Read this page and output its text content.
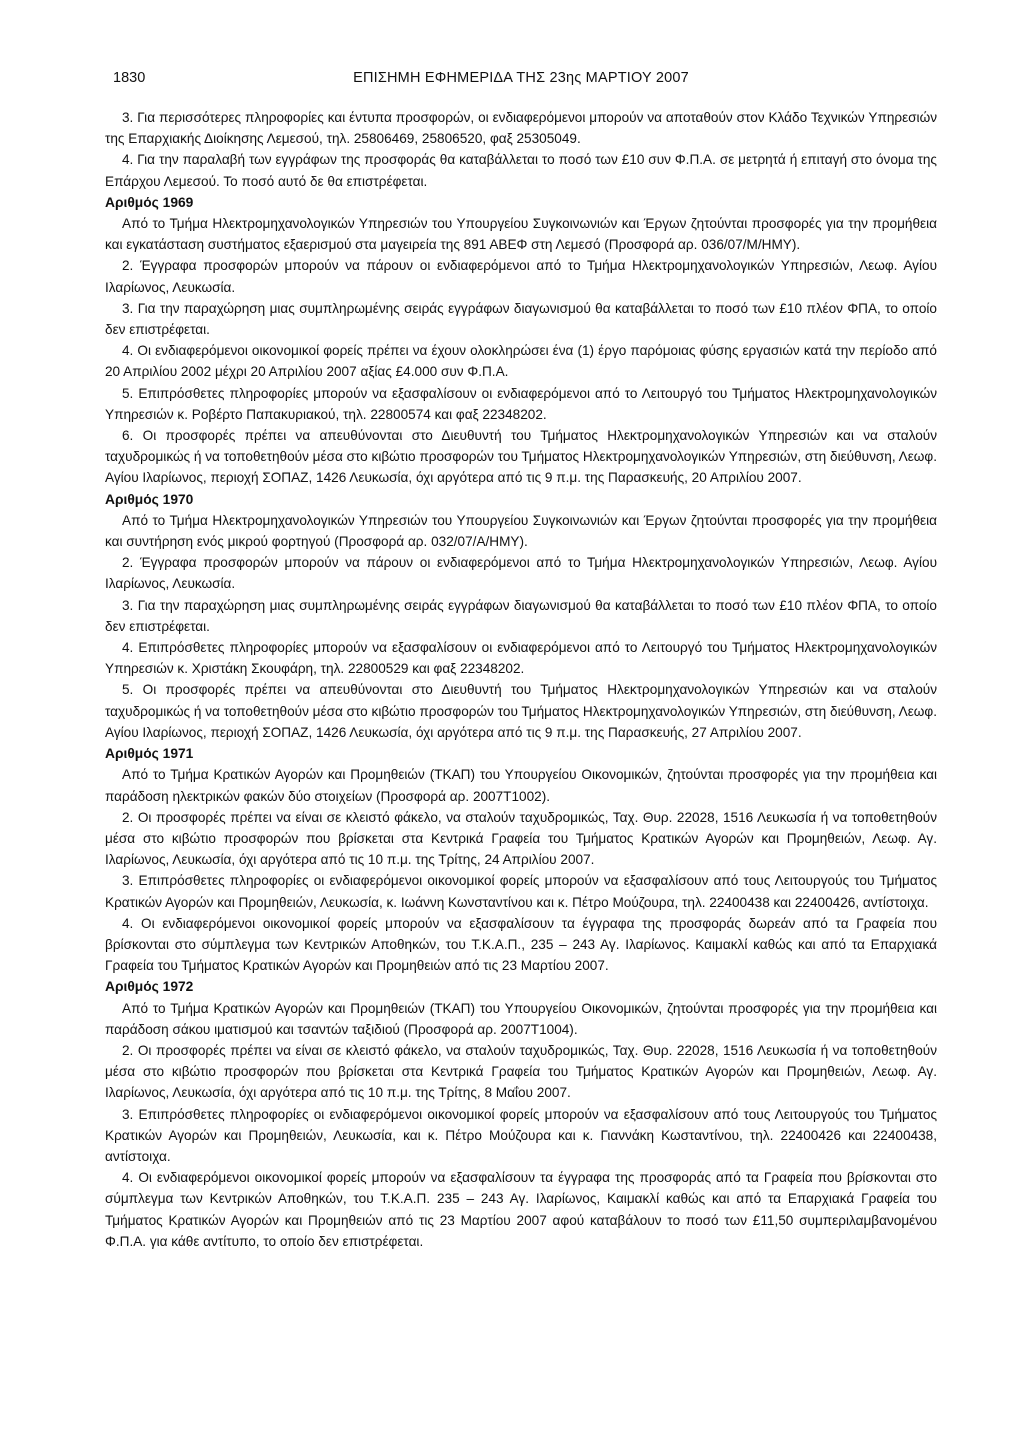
1830	ΕΠΙΣΗΜΗ ΕΦΗΜΕΡΙΔΑ ΤΗΣ 23ης ΜΑΡΤΙΟΥ 2007

3. Για περισσότερες πληροφορίες και έντυπα προσφορών, οι ενδιαφερόμενοι μπορούν να αποταθούν στον Κλάδο Τεχνικών Υπηρεσιών της Επαρχιακής Διοίκησης Λεμεσού, τηλ. 25806469, 25806520, φαξ 25305049.

4. Για την παραλαβή των εγγράφων της προσφοράς θα καταβάλλεται το ποσό των £10 συν Φ.Π.Α. σε μετρητά ή επιταγή στο όνομα της Επάρχου Λεμεσού. Το ποσό αυτό δε θα επιστρέφεται.

Αριθμός 1969

Από το Τμήμα Ηλεκτρομηχανολογικών Υπηρεσιών του Υπουργείου Συγκοινωνιών και Έργων ζητούνται προσφορές για την προμήθεια και εγκατάσταση συστήματος εξαερισμού στα μαγειρεία της 891 ΑΒΕΦ στη Λεμεσό (Προσφορά αρ. 036/07/Μ/ΗΜΥ).

2. Έγγραφα προσφορών μπορούν να πάρουν οι ενδιαφερόμενοι από το Τμήμα Ηλεκτρομηχανολογικών Υπηρεσιών, Λεωφ. Αγίου Ιλαρίωνος, Λευκωσία.

3. Για την παραχώρηση μιας συμπληρωμένης σειράς εγγράφων διαγωνισμού θα καταβάλλεται το ποσό των £10 πλέον ΦΠΑ, το οποίο δεν επιστρέφεται.

4. Οι ενδιαφερόμενοι οικονομικοί φορείς πρέπει να έχουν ολοκληρώσει ένα (1) έργο παρόμοιας φύσης εργασιών κατά την περίοδο από 20 Απριλίου 2002 μέχρι 20 Απριλίου 2007 αξίας £4.000 συν Φ.Π.Α.

5. Επιπρόσθετες πληροφορίες μπορούν να εξασφαλίσουν οι ενδιαφερόμενοι από το Λειτουργό του Τμήματος Ηλεκτρομηχανολογικών Υπηρεσιών κ. Ροβέρτο Παπακυριακού, τηλ. 22800574 και φαξ 22348202.

6. Οι προσφορές πρέπει να απευθύνονται στο Διευθυντή του Τμήματος Ηλεκτρομηχανολογικών Υπηρεσιών και να σταλούν ταχυδρομικώς ή να τοποθετηθούν μέσα στο κιβώτιο προσφορών του Τμήματος Ηλεκτρομηχανολογικών Υπηρεσιών, στη διεύθυνση, Λεωφ. Αγίου Ιλαρίωνος, περιοχή ΣΟΠΑΖ, 1426 Λευκωσία, όχι αργότερα από τις 9 π.μ. της Παρασκευής, 20 Απριλίου 2007.

Αριθμός 1970

Από το Τμήμα Ηλεκτρομηχανολογικών Υπηρεσιών του Υπουργείου Συγκοινωνιών και Έργων ζητούνται προσφορές για την προμήθεια και συντήρηση ενός μικρού φορτηγού (Προσφορά αρ. 032/07/Α/ΗΜΥ).

2. Έγγραφα προσφορών μπορούν να πάρουν οι ενδιαφερόμενοι από το Τμήμα Ηλεκτρομηχανολογικών Υπηρεσιών, Λεωφ. Αγίου Ιλαρίωνος, Λευκωσία.

3. Για την παραχώρηση μιας συμπληρωμένης σειράς εγγράφων διαγωνισμού θα καταβάλλεται το ποσό των £10 πλέον ΦΠΑ, το οποίο δεν επιστρέφεται.

4. Επιπρόσθετες πληροφορίες μπορούν να εξασφαλίσουν οι ενδιαφερόμενοι από το Λειτουργό του Τμήματος Ηλεκτρομηχανολογικών Υπηρεσιών κ. Χριστάκη Σκουφάρη, τηλ. 22800529 και φαξ 22348202.

5. Οι προσφορές πρέπει να απευθύνονται στο Διευθυντή του Τμήματος Ηλεκτρομηχανολογικών Υπηρεσιών και να σταλούν ταχυδρομικώς ή να τοποθετηθούν μέσα στο κιβώτιο προσφορών του Τμήματος Ηλεκτρομηχανολογικών Υπηρεσιών, στη διεύθυνση, Λεωφ. Αγίου Ιλαρίωνος, περιοχή ΣΟΠΑΖ, 1426 Λευκωσία, όχι αργότερα από τις 9 π.μ. της Παρασκευής, 27 Απριλίου 2007.

Αριθμός 1971

Από το Τμήμα Κρατικών Αγορών και Προμηθειών (ΤΚΑΠ) του Υπουργείου Οικονομικών, ζητούνται προσφορές για την προμήθεια και παράδοση ηλεκτρικών φακών δύο στοιχείων (Προσφορά αρ. 2007Τ1002).

2. Οι προσφορές πρέπει να είναι σε κλειστό φάκελο, να σταλούν ταχυδρομικώς, Ταχ. Θυρ. 22028, 1516 Λευκωσία ή να τοποθετηθούν μέσα στο κιβώτιο προσφορών που βρίσκεται στα Κεντρικά Γραφεία του Τμήματος Κρατικών Αγορών και Προμηθειών, Λεωφ. Αγ. Ιλαρίωνος, Λευκωσία, όχι αργότερα από τις 10 π.μ. της Τρίτης, 24 Απριλίου 2007.

3. Επιπρόσθετες πληροφορίες οι ενδιαφερόμενοι οικονομικοί φορείς μπορούν να εξασφαλίσουν από τους Λειτουργούς του Τμήματος Κρατικών Αγορών και Προμηθειών, Λευκωσία, κ. Ιωάννη Κωνσταντίνου και κ. Πέτρο Μούζουρα, τηλ. 22400438 και 22400426, αντίστοιχα.

4. Οι ενδιαφερόμενοι οικονομικοί φορείς μπορούν να εξασφαλίσουν τα έγγραφα της προσφοράς δωρεάν από τα Γραφεία που βρίσκονται στο σύμπλεγμα των Κεντρικών Αποθηκών, του Τ.Κ.Α.Π., 235 – 243 Αγ. Ιλαρίωνος. Καιμακλί καθώς και από τα Επαρχιακά Γραφεία του Τμήματος Κρατικών Αγορών και Προμηθειών από τις 23 Μαρτίου 2007.

Αριθμός 1972

Από το Τμήμα Κρατικών Αγορών και Προμηθειών (ΤΚΑΠ) του Υπουργείου Οικονομικών, ζητούνται προσφορές για την προμήθεια και παράδοση σάκου ιματισμού και τσαντών ταξιδιού (Προσφορά αρ. 2007Τ1004).

2. Οι προσφορές πρέπει να είναι σε κλειστό φάκελο, να σταλούν ταχυδρομικώς, Ταχ. Θυρ. 22028, 1516 Λευκωσία ή να τοποθετηθούν μέσα στο κιβώτιο προσφορών που βρίσκεται στα Κεντρικά Γραφεία του Τμήματος Κρατικών Αγορών και Προμηθειών, Λεωφ. Αγ. Ιλαρίωνος, Λευκωσία, όχι αργότερα από τις 10 π.μ. της Τρίτης, 8 Μαΐου 2007.

3. Επιπρόσθετες πληροφορίες οι ενδιαφερόμενοι οικονομικοί φορείς μπορούν να εξασφαλίσουν από τους Λειτουργούς του Τμήματος Κρατικών Αγορών και Προμηθειών, Λευκωσία, και κ. Πέτρο Μούζουρα και κ. Γιαννάκη Κωσταντίνου, τηλ. 22400426 και 22400438, αντίστοιχα.

4. Οι ενδιαφερόμενοι οικονομικοί φορείς μπορούν να εξασφαλίσουν τα έγγραφα της προσφοράς από τα Γραφεία που βρίσκονται στο σύμπλεγμα των Κεντρικών Αποθηκών, του Τ.Κ.Α.Π. 235 – 243 Αγ. Ιλαρίωνος, Καιμακλί καθώς και από τα Επαρχιακά Γραφεία του Τμήματος Κρατικών Αγορών και Προμηθειών από τις 23 Μαρτίου 2007 αφού καταβάλουν το ποσό των £11,50 συμπεριλαμβανομένου Φ.Π.Α. για κάθε αντίτυπο, το οποίο δεν επιστρέφεται.
